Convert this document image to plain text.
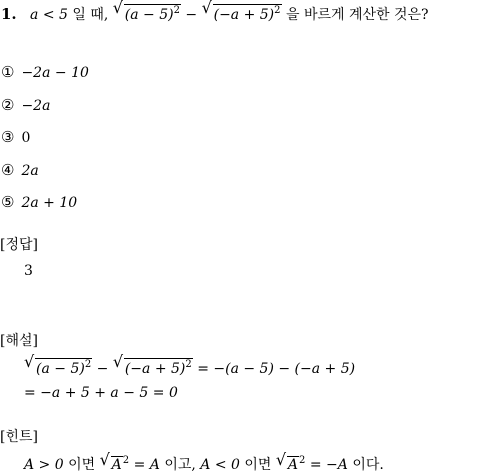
1. a < 5 일 때, √ $(a - 5)^2$ − √ $(-a + 5)^2$ 을 바르게 계산한 것은?
① −2a − 10
② −2a
③ 0
④ 2a
⑤ 2a + 10
[정답]
3
[해설]
√ $(a - 5)^2$ − √ $(-a + 5)^2 = -(a - 5) - (-a + 5)$
= −a + 5 + a − 5 = 0
[힌트]
A > 0 이면 √ $A^2 = A$ 이고, A < 0 이면 √ $A^2 = -A$ 이다.
